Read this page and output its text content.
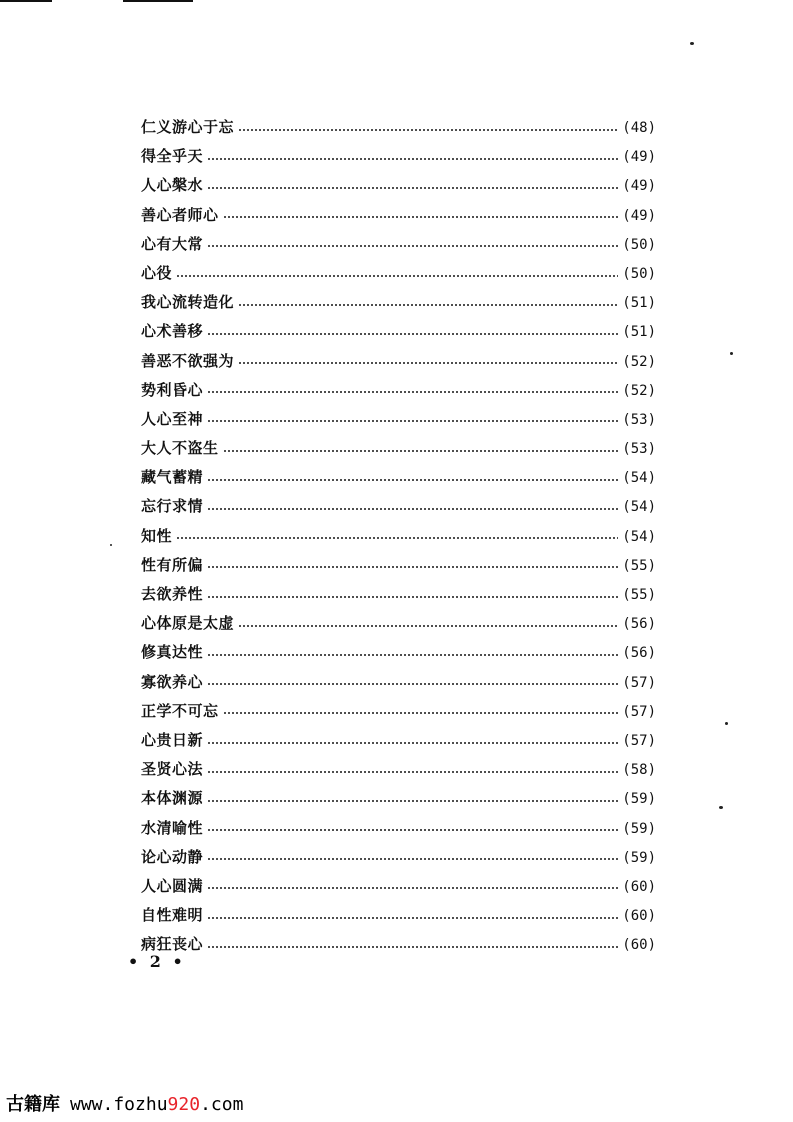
仁义游心于忘	(48)
得全乎天	(49)
人心槃水	(49)
善心者师心	(49)
心有大常	(50)
心役	(50)
我心流转造化	(51)
心术善移	(51)
善恶不欲强为	(52)
势利昏心	(52)
人心至神	(53)
大人不盗生	(53)
藏气蓄精	(54)
忘行求情	(54)
知性	(54)
性有所偏	(55)
去欲养性	(55)
心体原是太虚	(56)
修真达性	(56)
寡欲养心	(57)
正学不可忘	(57)
心贵日新	(57)
圣贤心法	(58)
本体渊源	(59)
水清喻性	(59)
论心动静	(59)
人心圆满	(60)
自性难明	(60)
病狂丧心	(60)
• 2 •
古籍库 www.fozhu920.com
